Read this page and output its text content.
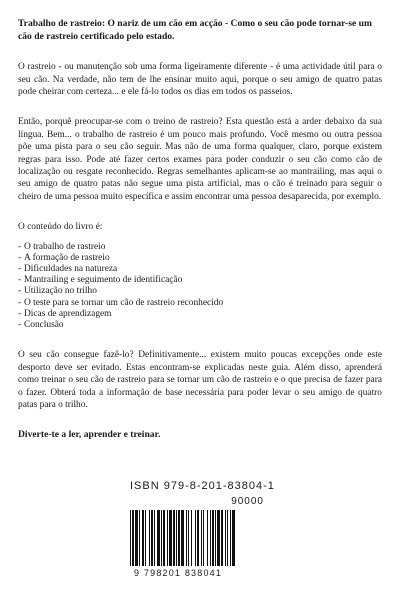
Trabalho de rastreio: O nariz de um cão em acção - Como o seu cão pode tornar-se um cão de rastreio certificado pelo estado.

O rastreio - ou manutenção sob uma forma ligeiramente diferente - é uma actividade útil para o seu cão. Na verdade, não tem de lhe ensinar muito aqui, porque o seu amigo de quatro patas pode cheirar com certeza... e ele fá-lo todos os dias em todos os passeios.

Então, porquê preocupar-se com o treino de rastreio? Esta questão está a arder debaixo da sua língua. Bem... o trabalho de rastreio é um pouco mais profundo. Você mesmo ou outra pessoa põe uma pista para o seu cão seguir. Mas não de uma forma qualquer, claro, porque existem regras para isso. Pode até fazer certos exames para poder conduzir o seu cão como cão de localização ou resgate reconhecido. Regras semelhantes aplicam-se ao mantrailing, mas aqui o seu amigo de quatro patas não segue uma pista artificial, mas o cão é treinado para seguir o cheiro de uma pessoa muito específica e assim encontrar uma pessoa desaparecida, por exemplo.

O conteúdo do livro é:

- O trabalho de rastreio
- A formação de rastreio
- Dificuldades na natureza
- Mantrailing e seguimento de identificação
- Utilização no trilho
- O teste para se tornar um cão de rastreio reconhecido
- Dicas de aprendizagem
- Conclusão

O seu cão consegue fazê-lo? Definitivamente... existem muito poucas excepções onde este desporto deve ser evitado. Estas encontram-se explicadas neste guia. Além disso, aprenderá como treinar o seu cão de rastreio para se tornar um cão de rastreio e o que precisa de fazer para o fazer. Obterá toda a informação de base necessária para poder levar o seu amigo de quatro patas para o trilho.

Diverte-te a ler, aprender e treinar.

ISBN 979-8-201-83804-1
90000
9 798201 838041
